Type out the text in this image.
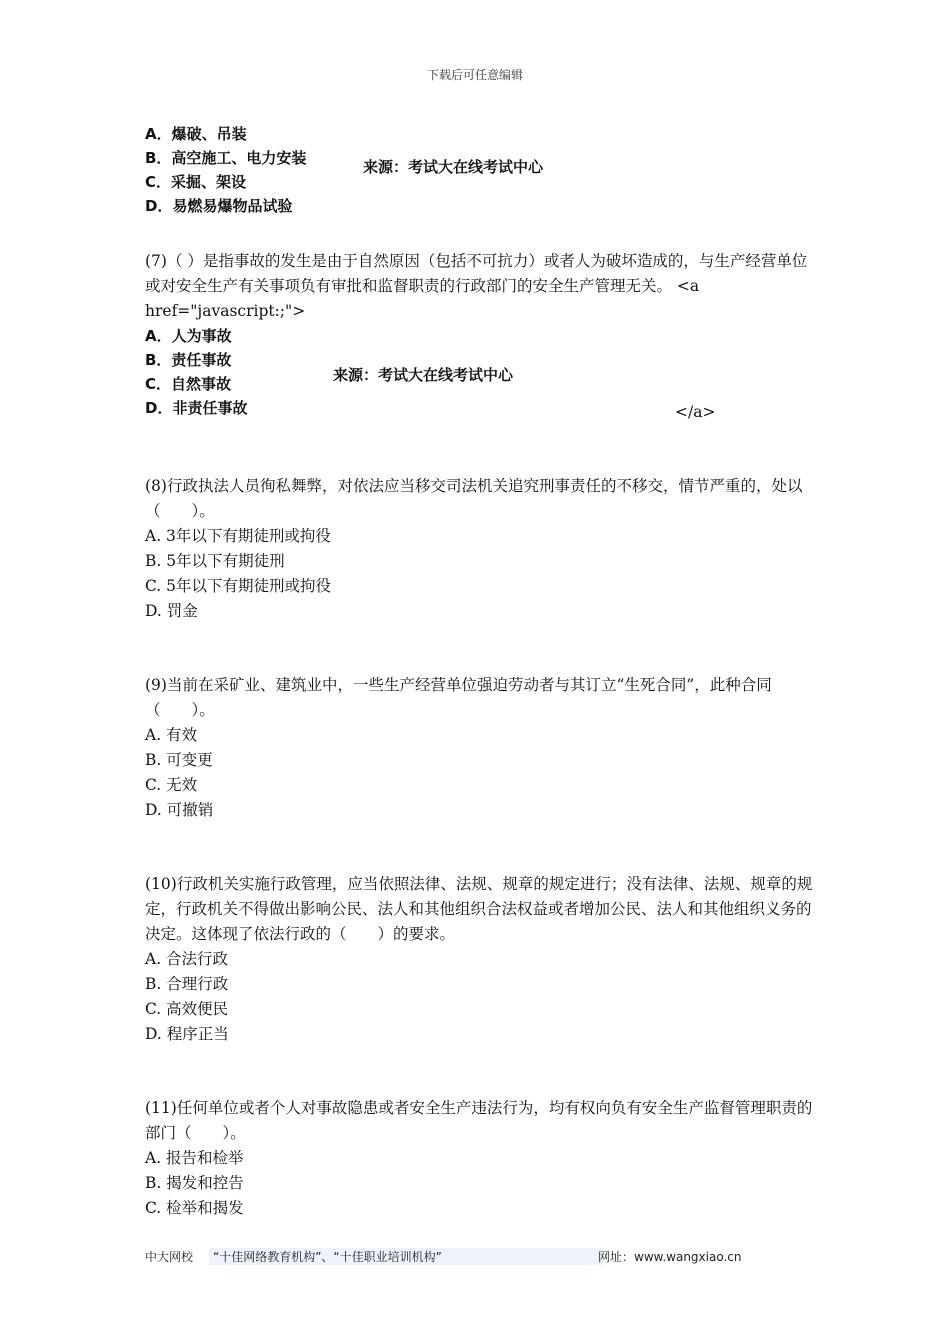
下载后可任意编辑
A．爆破、吊装
B．高空施工、电力安装
C．采掘、架设
D．易燃易爆物品试验
来源：考试大在线考试中心

(7)（ ）是指事故的发生是由于自然原因（包括不可抗力）或者人为破坏造成的，与生产经营单位或对安全生产有关事项负有审批和监督职责的行政部门的安全生产管理无关。 <a href="javascript:;">

A．人为事故
B．责任事故
C．自然事故
D．非责任事故
来源：考试大在线考试中心
</a>

(8)行政执法人员徇私舞弊，对依法应当移交司法机关追究刑事责任的不移交，情节严重的，处以（　　）。

A. 3年以下有期徒刑或拘役

B. 5年以下有期徒刑

C. 5年以下有期徒刑或拘役

D. 罚金

(9)当前在采矿业、建筑业中，一些生产经营单位强迫劳动者与其订立“生死合同”，此种合同（　　）。

A. 有效

B. 可变更

C. 无效

D. 可撤销

(10)行政机关实施行政管理，应当依照法律、法规、规章的规定进行；没有法律、法规、规章的规定，行政机关不得做出影响公民、法人和其他组织合法权益或者增加公民、法人和其他组织义务的决定。这体现了依法行政的（　　）的要求。

A. 合法行政

B. 合理行政

C. 高效便民

D. 程序正当

(11)任何单位或者个人对事故隐患或者安全生产违法行为，均有权向负有安全生产监督管理职责的部门（　　）。

A. 报告和检举

B. 揭发和控告

C. 检举和揭发

中大网校	“十佳网络教育机构”、“十佳职业培训机构”	网址：www.wangxiao.cn
